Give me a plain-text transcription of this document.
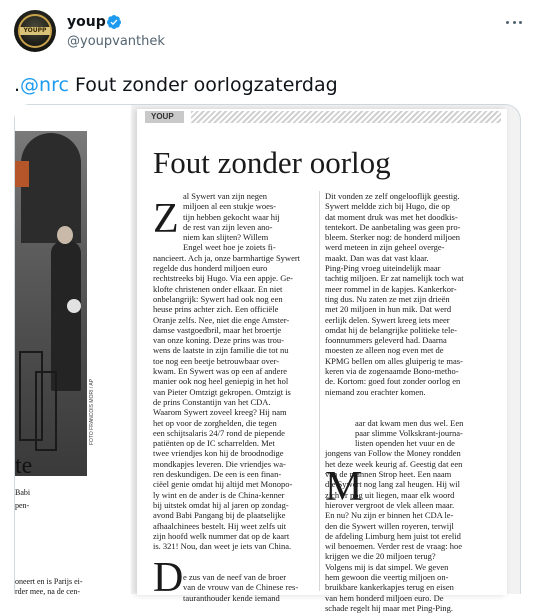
YOUPP
youp
@youpvanthek
.@nrc Fout zonder oorlogzaterdag
FOTO FRANCOIS MORI / AP
te
Babi
pen-
oneert en is Parijs ei-
rder mee, na de cen-
YOUP
Fout zonder oorlog
Z
M
D
al Sywert van zijn negen
miljoen al een stukje woes-
tijn hebben gekocht waar hij
de rest van zijn leven ano-
niem kan slijten? Willem
Engel weet hoe je zoiets fi-
nancieert. Ach ja, onze barmhartige Sywert
regelde dus honderd miljoen euro
rechtstreeks bij Hugo. Via een appje. Ge-
klofte christenen onder elkaar. En niet
onbelangrijk: Sywert had ook nog een
heuse prins achter zich. Een officiële
Oranje zelfs. Nee, niet die enge Amster-
damse vastgoedbril, maar het broertje
van onze koning. Deze prins was trou-
wens de laatste in zijn familie die tot nu
toe nog een beetje betrouwbaar over-
kwam. En Sywert was op een af andere
manier ook nog heel geniepig in het hol
van Pieter Omtzigt gekropen. Omtzigt is
de prins Constantijn van het CDA.
Waarom Sywert zoveel kreeg? Hij nam
het op voor de zorghelden, die tegen
een schijtsalaris 24/7 rond de piepende
patiënten op de IC scharrelden. Met
twee vriendjes kon hij de broodnodige
mondkapjes leveren. Die vriendjes wa-
ren deskundigen. De een is een finan-
ciëel genie omdat hij altijd met Monopo-
ly wint en de ander is de China-kenner
bij uitstek omdat hij al jaren op zondag-
avond Babi Pangang bij de plaatselijke
afhaalchinees bestelt. Hij weet zelfs uit
zijn hoofd welk nummer dat op de kaart
is. 321! Nou, dan weet je iets van China.
e zus van de neef van de broer
van de vrouw van de Chinese res-
tauranthouder kende iemand
Dit vonden ze zelf ongelooflijk geestig.
Sywert meldde zich bij Hugo, die op
dat moment druk was met het doodkis-
tentekort. De aanbetaling was geen pro-
bleem. Sterker nog: de honderd miljoen
werd meteen in zijn geheel overge-
maakt. Dan was dat vast klaar.
Ping-Ping vroeg uiteindelijk maar
tachtig miljoen. Er zat namelijk toch wat
meer rommel in de kapjes. Kankerkor-
ting dus. Nu zaten ze met zijn drieën
met 20 miljoen in hun mik. Dat werd
eerlijk delen. Sywert kreeg iets meer
omdat hij de belangrijke politieke tele-
foonnummers geleverd had. Daarna
moesten ze alleen nog even met de
KPMG bellen om alles gluiperig te mas-
keren via de zogenaamde Bono-metho-
de. Kortom: goed fout zonder oorlog en
niemand zou erachter komen.
aar dat kwam men dus wel. Een
paar slimme Volkskrant-journa-
listen openden het vuur en de
jongens van Follow the Money rondden
het deze week keurig af. Geestig dat een
van de mannen Strop heet. Een naam
die Sywert nog lang zal heugen. Hij wil
zich er nog uit liegen, maar elk woord
hierover vergroot de vlek alleen maar.
En nu? Nu zijn er binnen het CDA le-
den die Sywert willen royeren, terwijl
de afdeling Limburg hem juist tot erelid
wil benoemen. Verder rest de vraag: hoe
krijgen we die 20 miljoen terug?
Volgens mij is dat simpel. We geven
hem gewoon die veertig miljoen on-
bruikbare kankerkapjes terug en eisen
van hem honderd miljoen euro. De
schade regelt hij maar met Ping-Ping.
